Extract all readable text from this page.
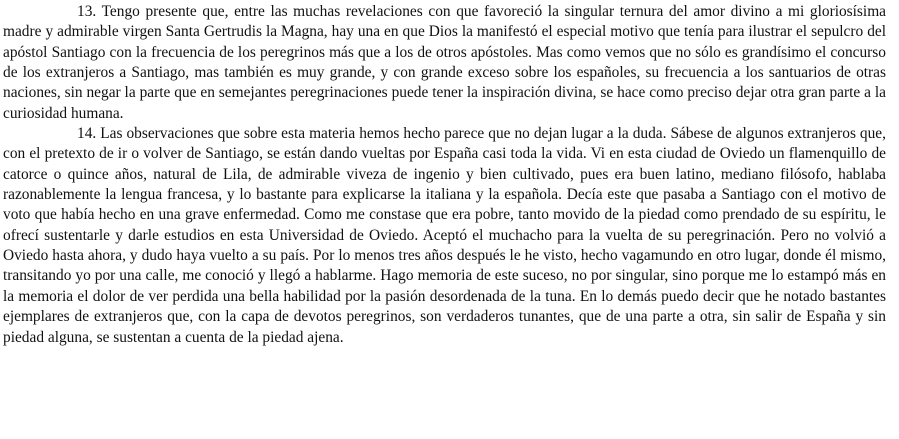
13. Tengo presente que, entre las muchas revelaciones con que favoreció la singular ternura del amor divino a mi gloriosísima madre y admirable virgen Santa Gertrudis la Magna, hay una en que Dios la manifestó el especial motivo que tenía para ilustrar el sepulcro del apóstol Santiago con la frecuencia de los peregrinos más que a los de otros apóstoles. Mas como vemos que no sólo es grandísimo el concurso de los extranjeros a Santiago, mas también es muy grande, y con grande exceso sobre los españoles, su frecuencia a los santuarios de otras naciones, sin negar la parte que en semejantes peregrinaciones puede tener la inspiración divina, se hace como preciso dejar otra gran parte a la curiosidad humana.

14. Las observaciones que sobre esta materia hemos hecho parece que no dejan lugar a la duda. Sábese de algunos extranjeros que, con el pretexto de ir o volver de Santiago, se están dando vueltas por España casi toda la vida. Vi en esta ciudad de Oviedo un flamenquillo de catorce o quince años, natural de Lila, de admirable viveza de ingenio y bien cultivado, pues era buen latino, mediano filósofo, hablaba razonablemente la lengua francesa, y lo bastante para explicarse la italiana y la española. Decía este que pasaba a Santiago con el motivo de voto que había hecho en una grave enfermedad. Como me constase que era pobre, tanto movido de la piedad como prendado de su espíritu, le ofrecí sustentarle y darle estudios en esta Universidad de Oviedo. Aceptó el muchacho para la vuelta de su peregrinación. Pero no volvió a Oviedo hasta ahora, y dudo haya vuelto a su país. Por lo menos tres años después le he visto, hecho vagamundo en otro lugar, donde él mismo, transitando yo por una calle, me conoció y llegó a hablarme. Hago memoria de este suceso, no por singular, sino porque me lo estampó más en la memoria el dolor de ver perdida una bella habilidad por la pasión desordenada de la tuna. En lo demás puedo decir que he notado bastantes ejemplares de extranjeros que, con la capa de devotos peregrinos, son verdaderos tunantes, que de una parte a otra, sin salir de España y sin piedad alguna, se sustentan a cuenta de la piedad ajena.
